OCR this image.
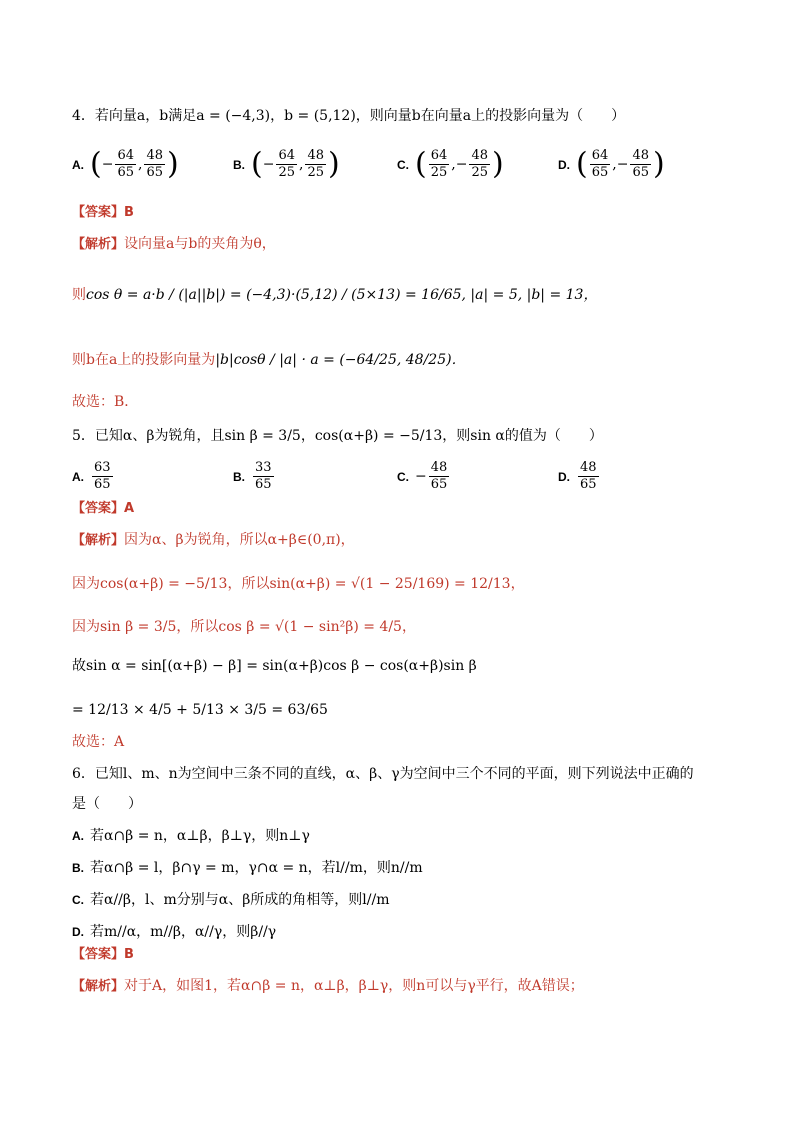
4．若向量a，b满足a = (−4,3)，b = (5,12)，则向量b在向量a上的投影向量为（　　）
A. (− $\frac{64}{65}$ , $\frac{48}{65}$ )	B. (− $\frac{64}{25}$ , $\frac{48}{25}$ )	C. ( $\frac{64}{25}$ ,− $\frac{48}{25}$ )	D. ( $\frac{64}{65}$ ,− $\frac{48}{65}$ )
【答案】B
【解析】设向量a与b的夹角为θ，
则cos θ = a·b / (|a||b|) = (−4,3)·(5,12) / (5×13) = 16/65, |a| = 5, |b| = 13，
则b在a上的投影向量为|b|cosθ / |a| · a = (−64/25, 48/25)．
故选：B．
5．已知α、β为锐角，且sin β = 3/5，cos(α+β) = −5/13，则sin α的值为（　　）
A. $\frac{63}{65}$	B. $\frac{33}{65}$	C. − $\frac{48}{65}$	D. $\frac{48}{65}$
【答案】A
【解析】因为α、β为锐角，所以α+β∈(0,π)，
因为cos(α+β) = −5/13，所以sin(α+β) = √(1 − 25/169) = 12/13，
因为sin β = 3/5，所以cos β = √(1 − sin²β) = 4/5，
故sin α = sin[(α+β) − β] = sin(α+β)cos β − cos(α+β)sin β
= 12/13 × 4/5 + 5/13 × 3/5 = 63/65
故选：A
6．已知l、m、n为空间中三条不同的直线，α、β、γ为空间中三个不同的平面，则下列说法中正确的
是（　　）
A. 若α∩β = n，α⊥β，β⊥γ，则n⊥γ
B. 若α∩β = l，β∩γ = m，γ∩α = n，若l//m，则n//m
C. 若α//β，l、m分别与α、β所成的角相等，则l//m
D. 若m//α，m//β，α//γ，则β//γ
【答案】B
【解析】对于A，如图1，若α∩β = n，α⊥β，β⊥γ，则n可以与γ平行，故A错误；
